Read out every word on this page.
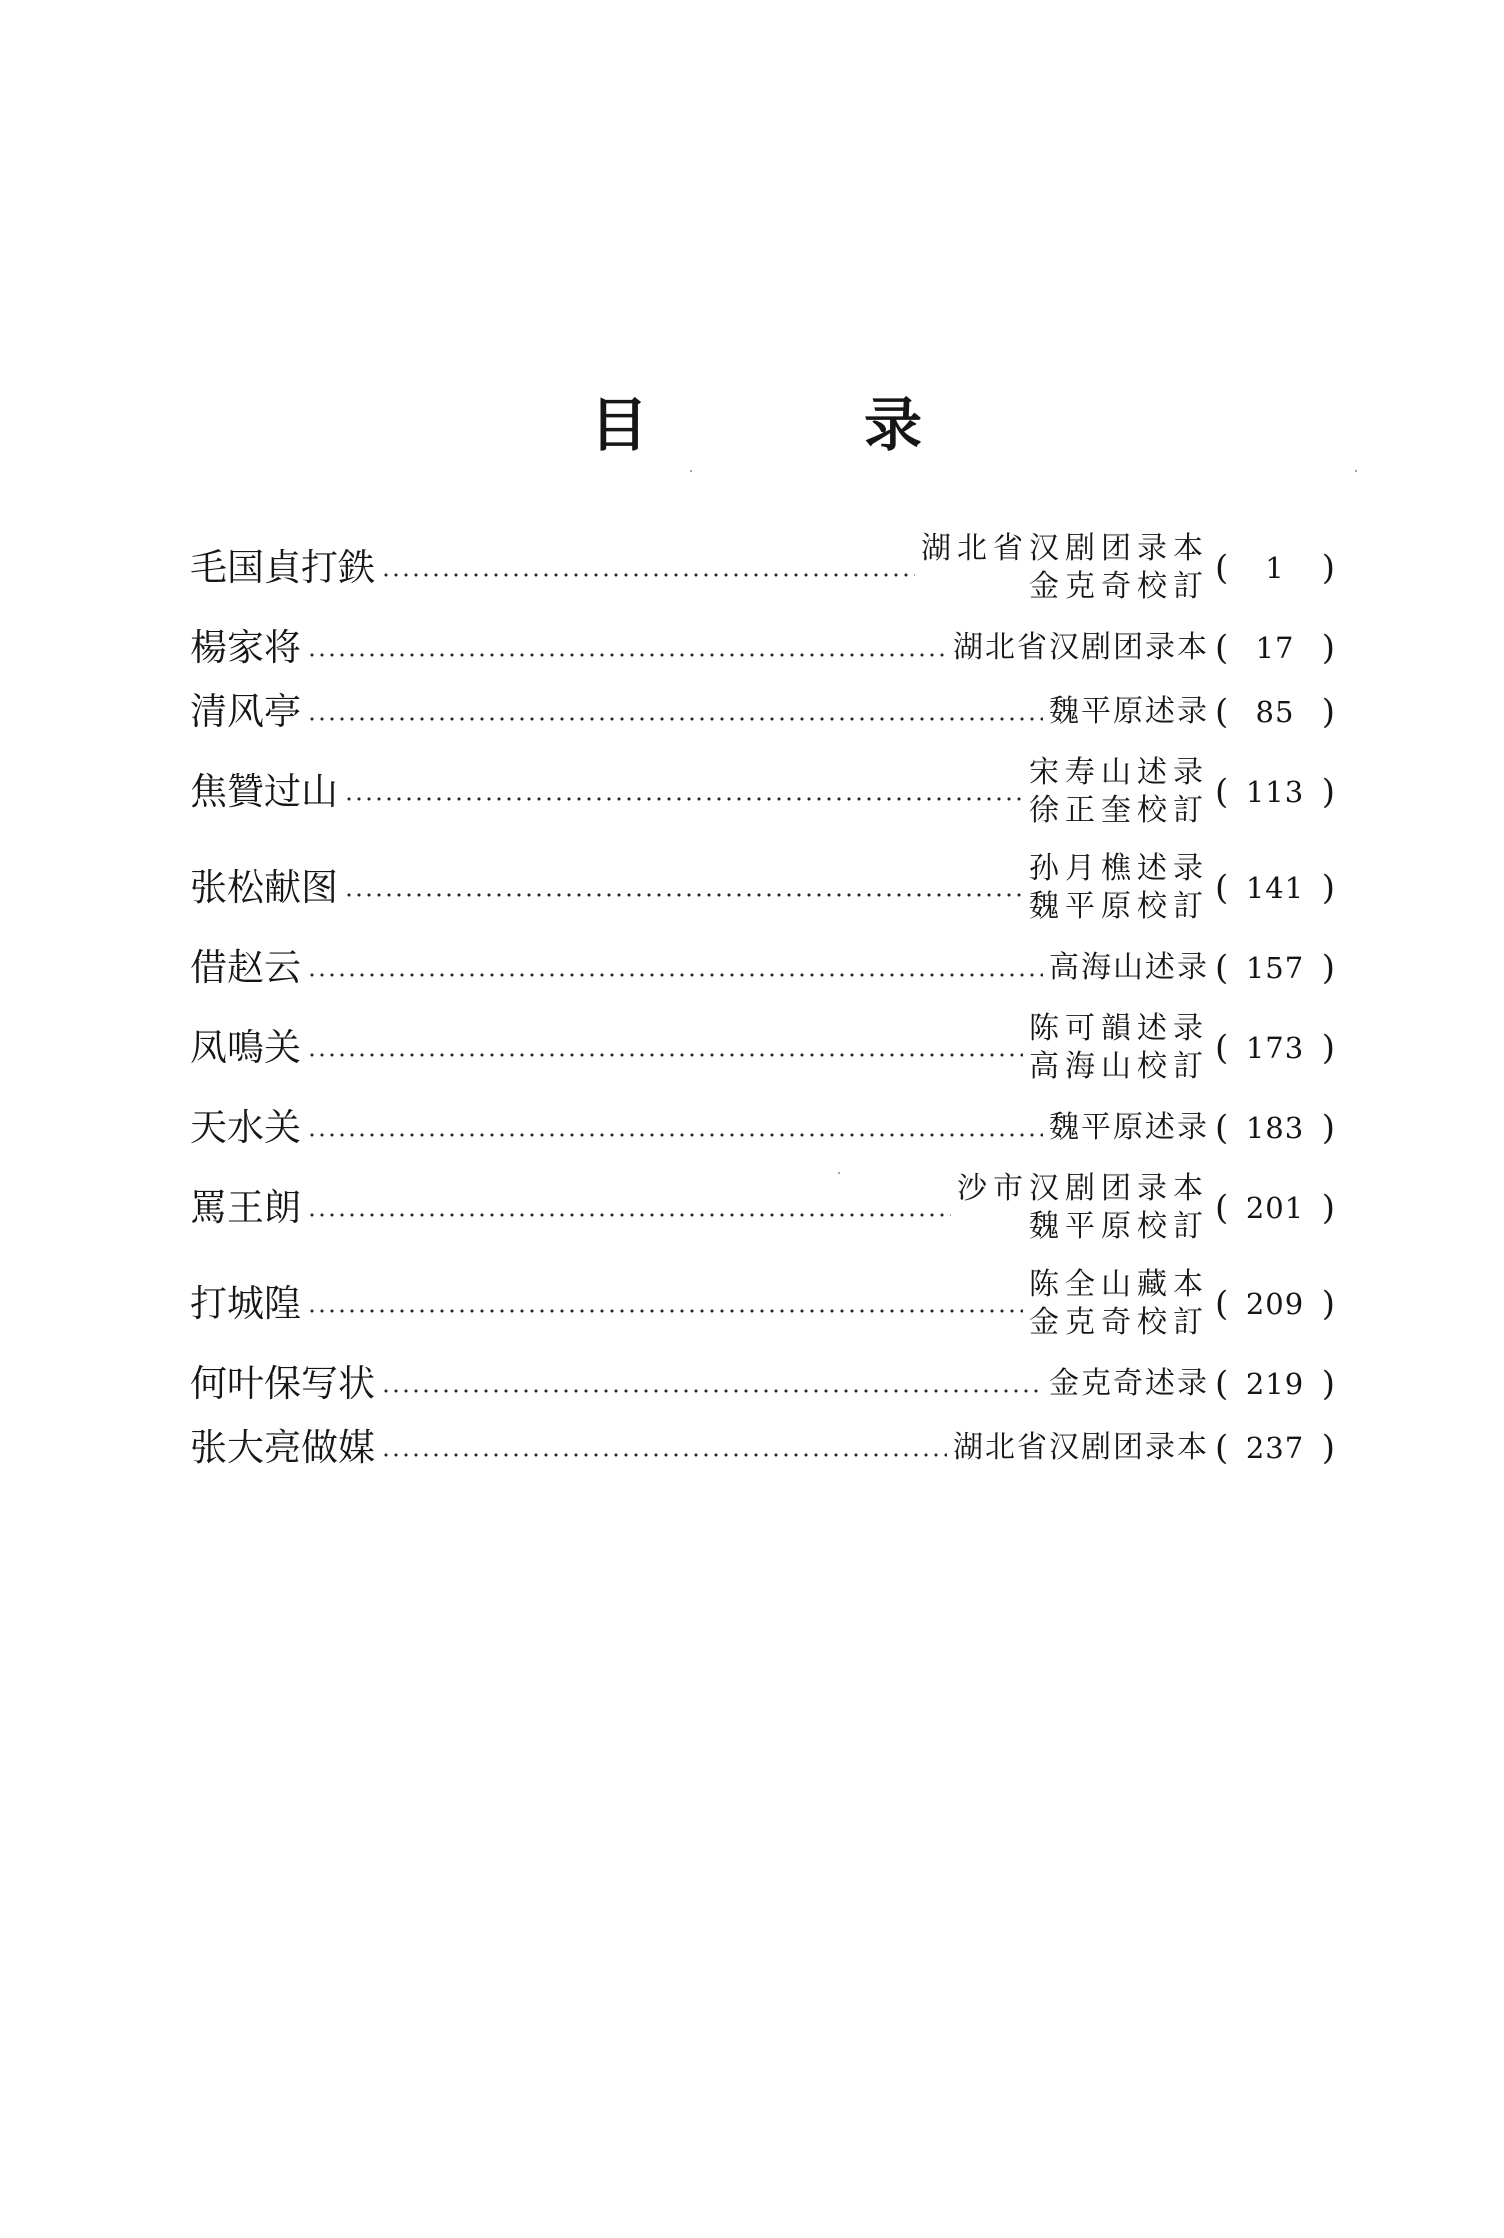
目	录
毛国貞打鉄	湖北省汉剧团录本
金克奇校訂 (	1	)
楊家将	湖北省汉剧团录本 ( 17 )
清风亭	魏平原述录 ( 85 )
焦贊过山	宋寿山述录
徐正奎校訂 ( 113 )
张松献图	孙月樵述录
魏平原校訂 ( 141 )
借赵云	高海山述录 ( 157 )
凤鳴关	陈可韻述录
高海山校訂 ( 173 )
天水关	魏平原述录 ( 183 )
罵王朗	沙市汉剧团录本
魏平原校訂 ( 201 )
打城隍	陈全山藏本
金克奇校訂 ( 209 )
何叶保写状	金克奇述录 ( 219 )
张大亮做媒	湖北省汉剧团录本 ( 237 )
